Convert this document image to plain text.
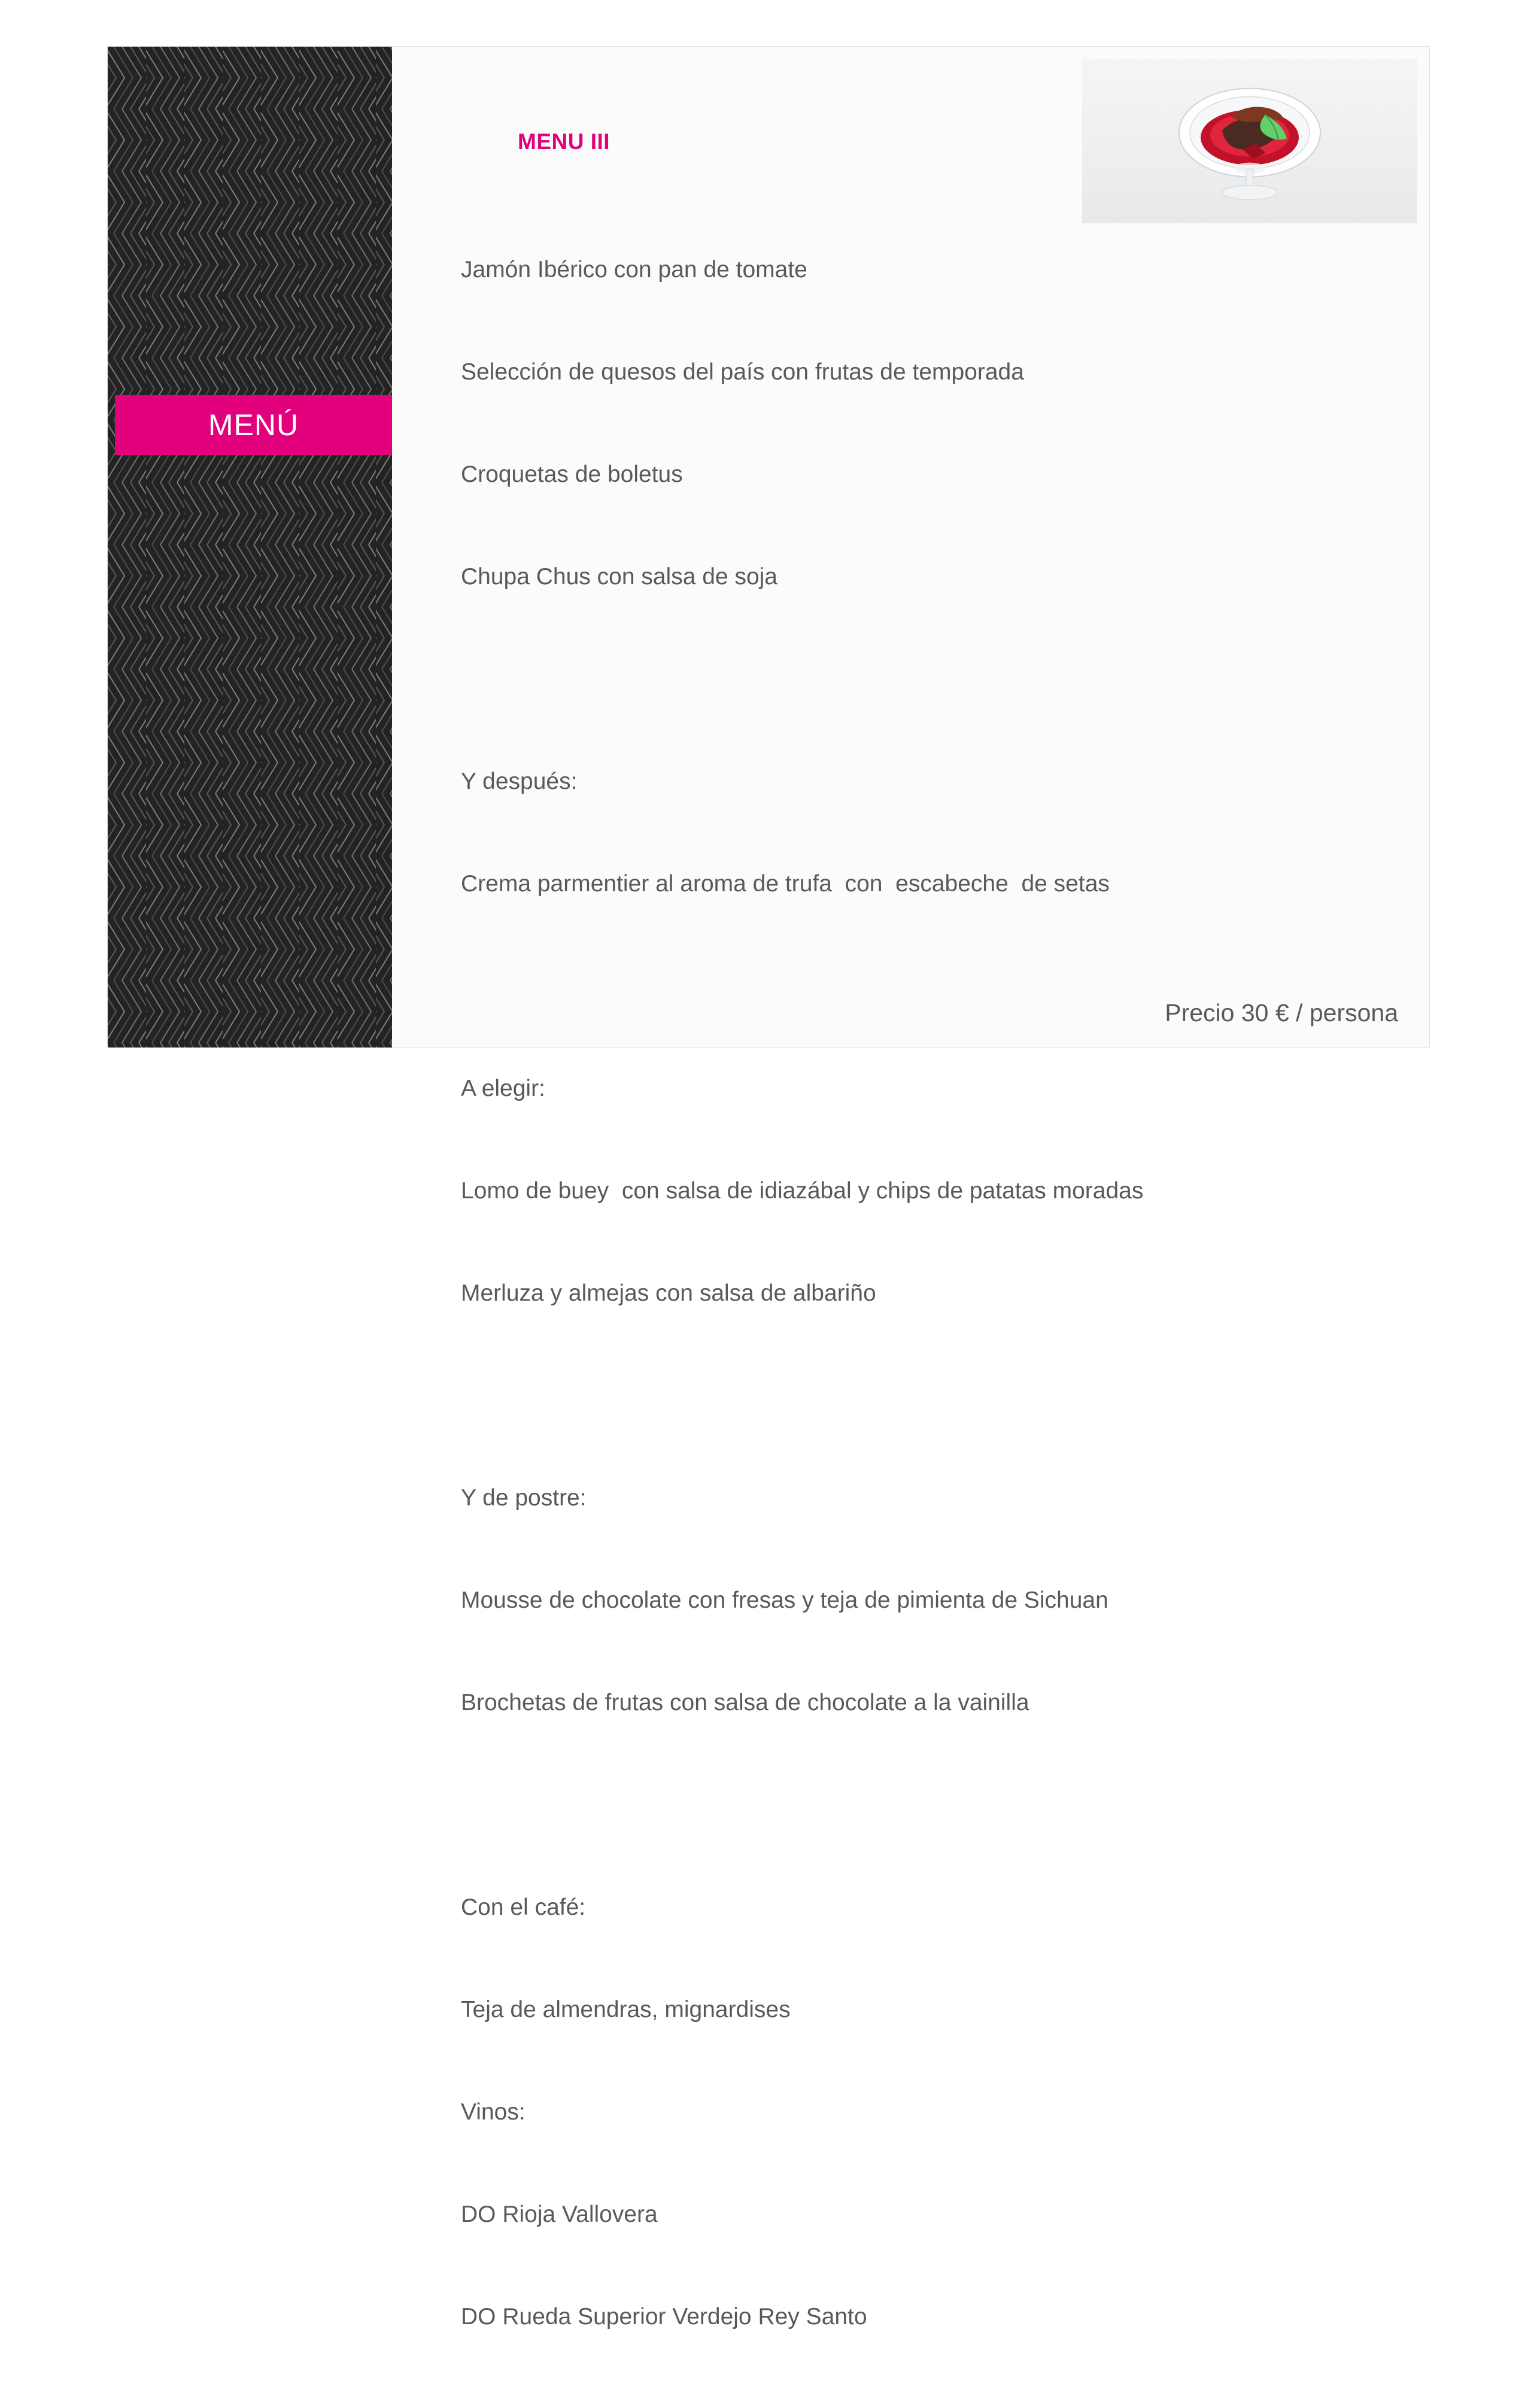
MENÚ
MENU III

Jamón Ibérico con pan de tomate

Selección de quesos del país con frutas de temporada

Croquetas de boletus

Chupa Chus con salsa de soja

Y después:

Crema parmentier al aroma de trufa  con  escabeche  de setas

A elegir:

Lomo de buey  con salsa de idiazábal y chips de patatas moradas

Merluza y almejas con salsa de albariño

Y de postre:

Mousse de chocolate con fresas y teja de pimienta de Sichuan

Brochetas de frutas con salsa de chocolate a la vainilla

Con el café:

Teja de almendras, mignardises

Vinos:

DO Rioja Vallovera

DO Rueda Superior Verdejo Rey Santo

Precio 30 € / persona
